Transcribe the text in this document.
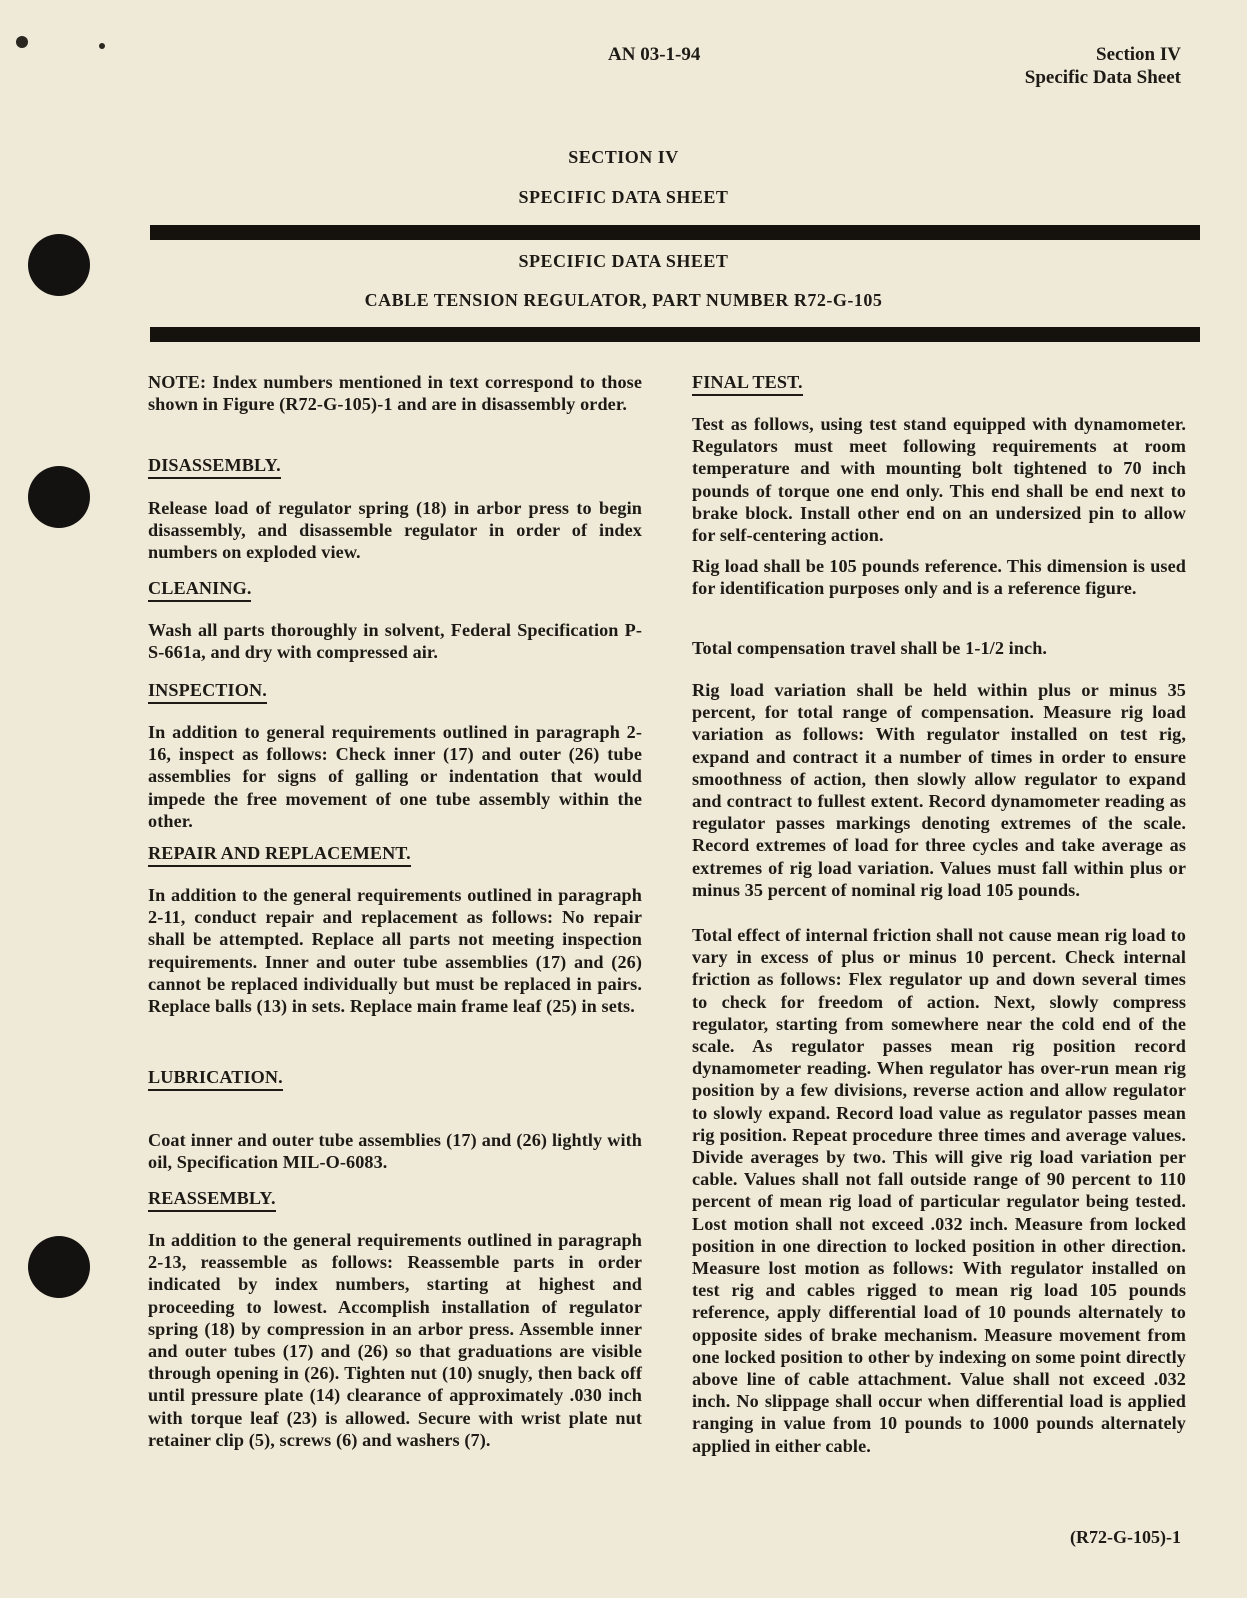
AN 03-1-94	Section IV
Specific Data Sheet
SECTION IV
SPECIFIC DATA SHEET
SPECIFIC DATA SHEET
CABLE TENSION REGULATOR, PART NUMBER R72-G-105
NOTE: Index numbers mentioned in text correspond to those shown in Figure (R72-G-105)-1 and are in disassembly order.
DISASSEMBLY.
Release load of regulator spring (18) in arbor press to begin disassembly, and disassemble regulator in order of index numbers on exploded view.
CLEANING.
Wash all parts thoroughly in solvent, Federal Specification P-S-661a, and dry with compressed air.
INSPECTION.
In addition to general requirements outlined in paragraph 2-16, inspect as follows: Check inner (17) and outer (26) tube assemblies for signs of galling or indentation that would impede the free movement of one tube assembly within the other.
REPAIR AND REPLACEMENT.
In addition to the general requirements outlined in paragraph 2-11, conduct repair and replacement as follows: No repair shall be attempted. Replace all parts not meeting inspection requirements. Inner and outer tube assemblies (17) and (26) cannot be replaced individually but must be replaced in pairs. Replace balls (13) in sets. Replace main frame leaf (25) in sets.
LUBRICATION.
Coat inner and outer tube assemblies (17) and (26) lightly with oil, Specification MIL-O-6083.
REASSEMBLY.
In addition to the general requirements outlined in paragraph 2-13, reassemble as follows: Reassemble parts in order indicated by index numbers, starting at highest and proceeding to lowest. Accomplish installation of regulator spring (18) by compression in an arbor press. Assemble inner and outer tubes (17) and (26) so that graduations are visible through opening in (26). Tighten nut (10) snugly, then back off until pressure plate (14) clearance of approximately .030 inch with torque leaf (23) is allowed. Secure with wrist plate nut retainer clip (5), screws (6) and washers (7).
FINAL TEST.
Test as follows, using test stand equipped with dynamometer. Regulators must meet following requirements at room temperature and with mounting bolt tightened to 70 inch pounds of torque one end only. This end shall be end next to brake block. Install other end on an undersized pin to allow for self-centering action.
Rig load shall be 105 pounds reference. This dimension is used for identification purposes only and is a reference figure.
Total compensation travel shall be 1-1/2 inch.
Rig load variation shall be held within plus or minus 35 percent, for total range of compensation. Measure rig load variation as follows: With regulator installed on test rig, expand and contract it a number of times in order to ensure smoothness of action, then slowly allow regulator to expand and contract to fullest extent. Record dynamometer reading as regulator passes markings denoting extremes of the scale. Record extremes of load for three cycles and take average as extremes of rig load variation. Values must fall within plus or minus 35 percent of nominal rig load 105 pounds.
Total effect of internal friction shall not cause mean rig load to vary in excess of plus or minus 10 percent. Check internal friction as follows: Flex regulator up and down several times to check for freedom of action. Next, slowly compress regulator, starting from somewhere near the cold end of the scale. As regulator passes mean rig position record dynamometer reading. When regulator has over-run mean rig position by a few divisions, reverse action and allow regulator to slowly expand. Record load value as regulator passes mean rig position. Repeat procedure three times and average values. Divide averages by two. This will give rig load variation per cable. Values shall not fall outside range of 90 percent to 110 percent of mean rig load of particular regulator being tested. Lost motion shall not exceed .032 inch. Measure from locked position in one direction to locked position in other direction. Measure lost motion as follows: With regulator installed on test rig and cables rigged to mean rig load 105 pounds reference, apply differential load of 10 pounds alternately to opposite sides of brake mechanism. Measure movement from one locked position to other by indexing on some point directly above line of cable attachment. Value shall not exceed .032 inch. No slippage shall occur when differential load is applied ranging in value from 10 pounds to 1000 pounds alternately applied in either cable.
(R72-G-105)-1
